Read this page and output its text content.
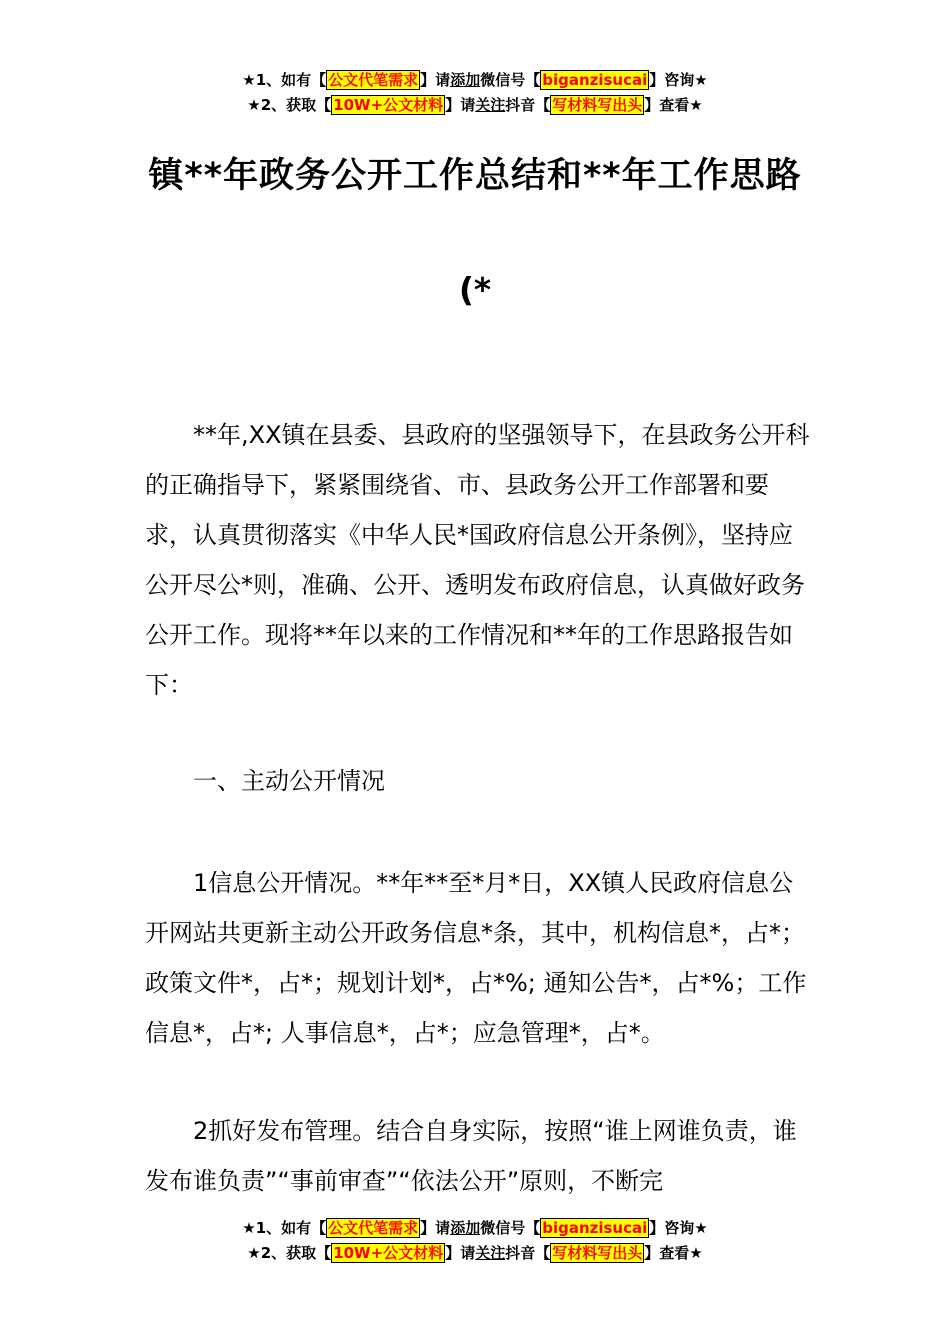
★1、如有【 公文代笔需求 】请添加微信号【 biganzisucai 】咨询★
★2、获取【 10W+公文材料 】请关注抖音【 写材料写出头 】查看★
镇**年政务公开工作总结和**年工作思路
(*

**年,XX镇在县委、县政府的坚强领导下，在县政务公开科的正确指导下，紧紧围绕省、市、县政务公开工作部署和要求，认真贯彻落实《中华人民*国政府信息公开条例》，坚持应公开尽公*则，准确、公开、透明发布政府信息，认真做好政务公开工作。现将**年以来的工作情况和**年的工作思路报告如下：

一、主动公开情况

1信息公开情况。**年**至*月*日，XX镇人民政府信息公开网站共更新主动公开政务信息*条，其中，机构信息*，占*；政策文件*，占*；规划计划*，占*%; 通知公告*，占*%；工作信息*，占*; 人事信息*，占*；应急管理*，占*。

2抓好发布管理。结合自身实际，按照“谁上网谁负责，谁发布谁负责”“事前审查”“依法公开”原则，不断完

★1、如有【 公文代笔需求 】请添加微信号【 biganzisucai 】咨询★
★2、获取【 10W+公文材料 】请关注抖音【 写材料写出头 】查看★
